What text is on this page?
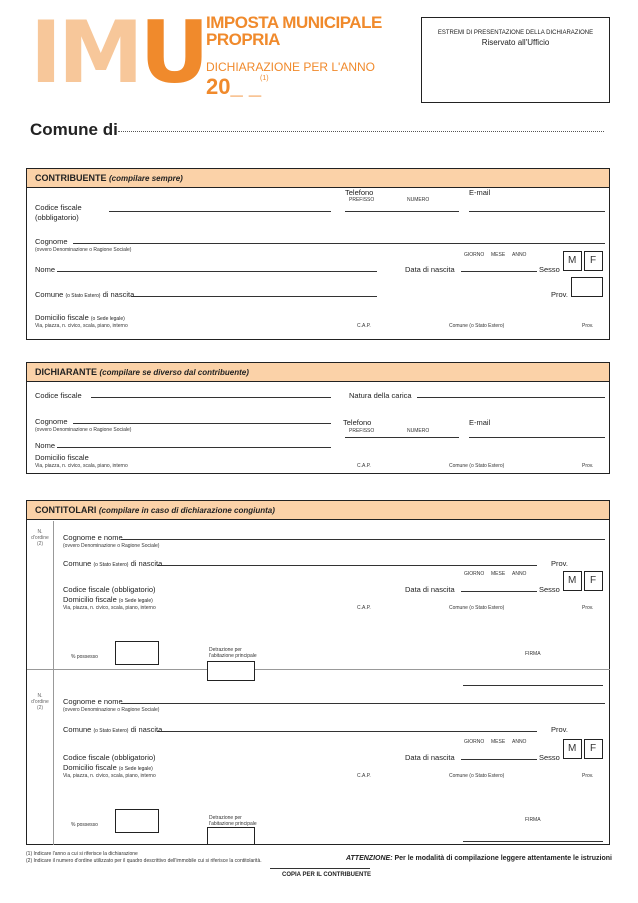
IMU IMPOSTA MUNICIPALE
PROPRIA
DICHIARAZIONE PER L'ANNO
20_ _
(1)
ESTREMI DI PRESENTAZIONE DELLA DICHIARAZIONE
Riservato all'Ufficio
Comune di
CONTRIBUENTE (compilare sempre)
Codice fiscale
(obbligatorio)
Telefono
PREFISSO	NUMERO
E-mail
Cognome
(ovvero Denominazione o Ragione Sociale)
Nome	Data di nascita
GIORNO MESE ANNO
Sesso
M F
Comune (o Stato Estero) di nascita	Prov.
Domicilio fiscale (o Sede legale)
Via, piazza, n. civico, scala, piano, interno	C.A.P.	Comune (o Stato Estero)	Prov.
DICHIARANTE (compilare se diverso dal contribuente)
Codice fiscale	Natura della carica
Cognome
(ovvero Denominazione o Ragione Sociale)
Telefono
PREFISSO	NUMERO
E-mail
Nome
Domicilio fiscale
Via, piazza, n. civico, scala, piano, interno	C.A.P.	Comune (o Stato Estero)	Prov.
CONTITOLARI (compilare in caso di dichiarazione congiunta)
N. d'ordine
(2)
Cognome e nome
(ovvero Denominazione o Ragione Sociale)
Comune (o Stato Estero) di nascita	Prov.
GIORNO MESE ANNO
Codice fiscale (obbligatorio)	Data di nascita	Sesso
M F
Domicilio fiscale (o Sede legale)
Via, piazza, n. civico, scala, piano, interno	C.A.P.	Comune (o Stato Estero)	Prov.
Detrazione per
l'abitazione principale	FIRMA
% possesso
N. d'ordine
(2)
Cognome e nome
(ovvero Denominazione o Ragione Sociale)
Comune (o Stato Estero) di nascita	Prov.
GIORNO MESE ANNO
Codice fiscale (obbligatorio)	Data di nascita	Sesso
M F
Domicilio fiscale (o Sede legale)
Via, piazza, n. civico, scala, piano, interno	C.A.P.	Comune (o Stato Estero)	Prov.
Detrazione per
l'abitazione principale
FIRMA
% possesso
(1) Indicare l'anno a cui si riferisce la dichiarazione
(2) Indicare il numero d'ordine utilizzato per il quadro descrittivo dell'immobile cui si riferisce la contitolarità.	ATTENZIONE: Per le modalità di compilazione leggere attentamente le istruzioni
COPIA PER IL CONTRIBUENTE
